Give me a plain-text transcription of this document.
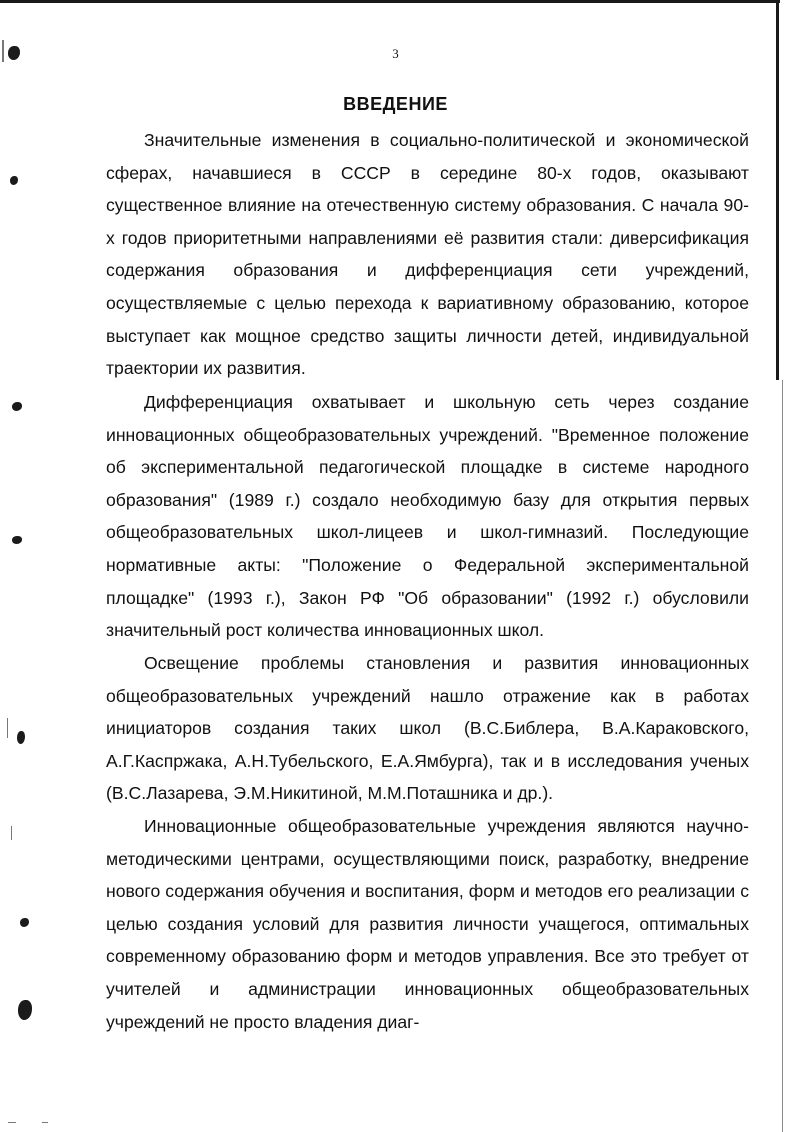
3
ВВЕДЕНИЕ

Значительные изменения в социально-политической и экономической сферах, начавшиеся в СССР в середине 80-х годов, оказывают существенное влияние на отечественную систему образования. С начала 90-х годов приоритетными направлениями её развития стали: диверсификация содержания образования и дифференциация сети учреждений, осуществляемые с целью перехода к вариативному образованию, которое выступает как мощное средство защиты личности детей, индивидуальной траектории их развития.

Дифференциация охватывает и школьную сеть через создание инновационных общеобразовательных учреждений. "Временное положение об экспериментальной педагогической площадке в системе народного образования" (1989 г.) создало необходимую базу для открытия первых общеобразовательных школ-лицеев и школ-гимназий. Последующие нормативные акты: "Положение о Федеральной экспериментальной площадке" (1993 г.), Закон РФ "Об образовании" (1992 г.) обусловили значительный рост количества инновационных школ.

Освещение проблемы становления и развития инновационных общеобразовательных учреждений нашло отражение как в работах инициаторов создания таких школ (В.С.Библера, В.А.Караковского, А.Г.Каспржака, А.Н.Тубельского, Е.А.Ямбурга), так и в исследования ученых (В.С.Лазарева, Э.М.Никитиной, М.М.Поташника и др.).

Инновационные общеобразовательные учреждения являются научно-методическими центрами, осуществляющими поиск, разработку, внедрение нового содержания обучения и воспитания, форм и методов его реализации с целью создания условий для развития личности учащегося, оптимальных современному образованию форм и методов управления. Все это требует от учителей и администрации инновационных общеобразовательных учреждений не просто владения диаг-
